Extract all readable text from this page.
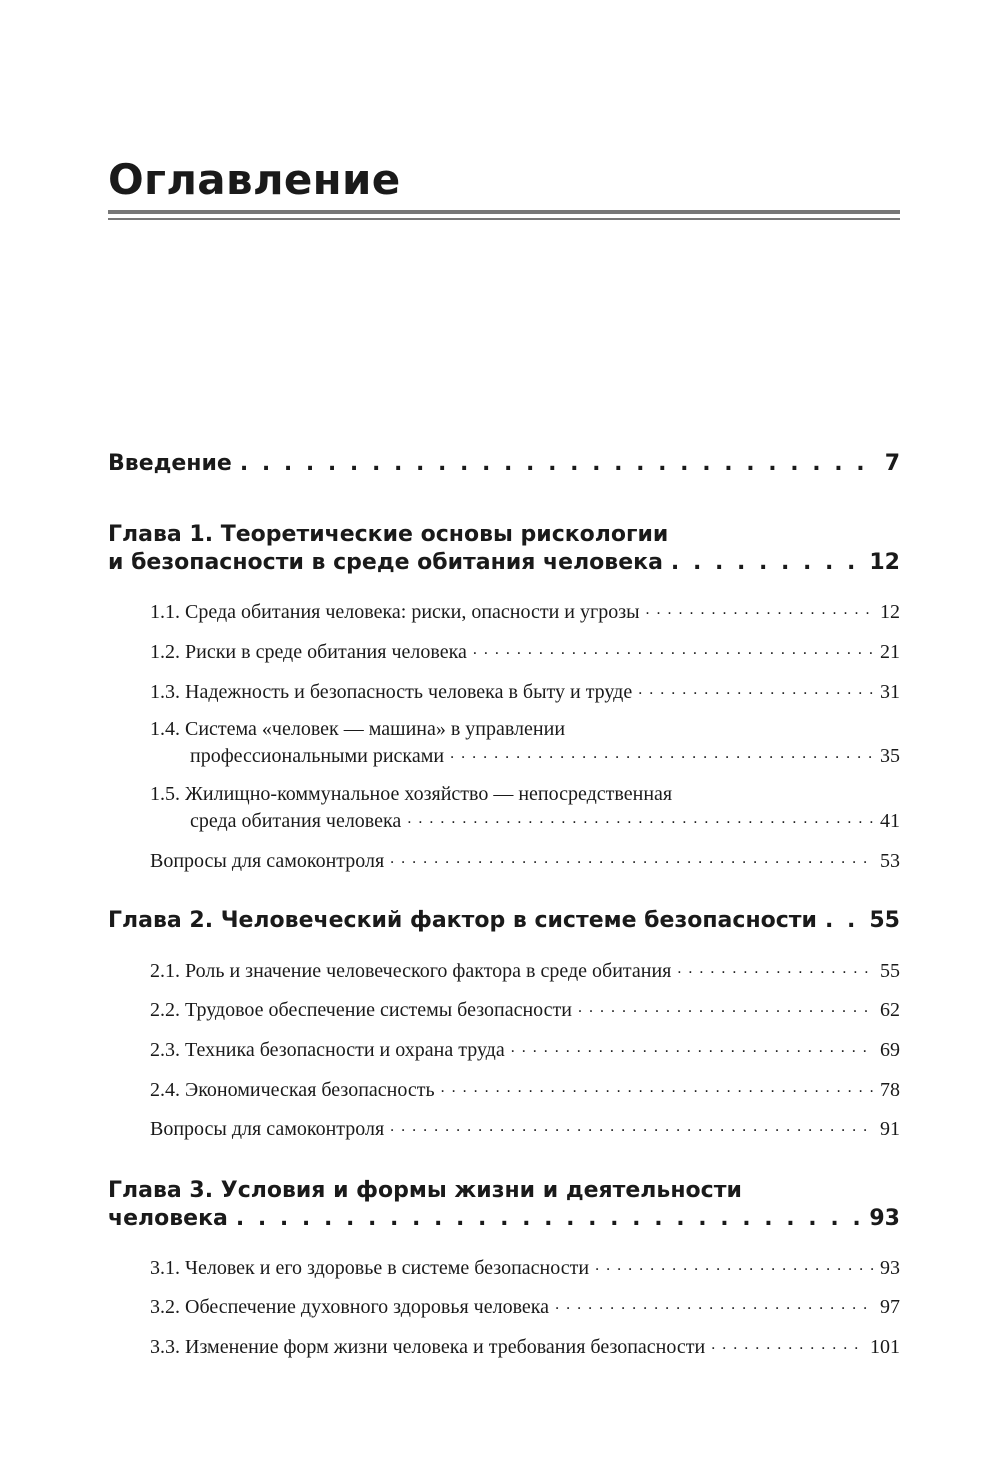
Оглавление
Введение . . .	7
Глава 1. Теоретические основы рискологии
и безопасности в среде обитания человека . . .	12
1.1. Среда обитания человека: риски, опасности и угрозы . . .	12
1.2. Риски в среде обитания человека . . .	21
1.3. Надежность и безопасность человека в быту и труде . . .	31
1.4. Система «человек — машина» в управлении
профессиональными рисками . . .	35
1.5. Жилищно-коммунальное хозяйство — непосредственная
среда обитания человека . . .	41
Вопросы для самоконтроля . . .	53
Глава 2. Человеческий фактор в системе безопасности . . . 55
2.1. Роль и значение человеческого фактора в среде обитания . . .	55
2.2. Трудовое обеспечение системы безопасности . . .	62
2.3. Техника безопасности и охрана труда . . .	69
2.4. Экономическая безопасность . . .	78
Вопросы для самоконтроля . . .	91
Глава 3. Условия и формы жизни и деятельности
человека . . .	93
3.1. Человек и его здоровье в системе безопасности . . .	93
3.2. Обеспечение духовного здоровья человека . . .	97
3.3. Изменение форм жизни человека и требования безопасности . . .	101
